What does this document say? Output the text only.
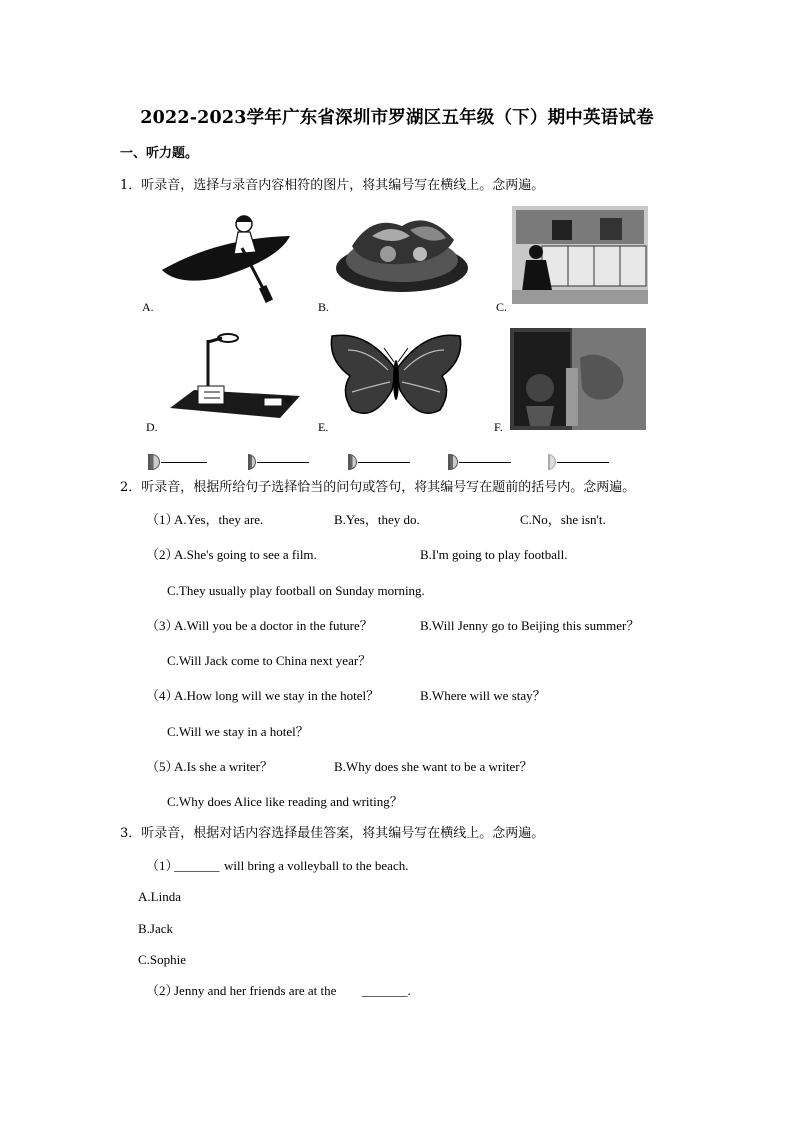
2022-2023学年广东省深圳市罗湖区五年级（下）期中英语试卷
一、听力题。
1．听录音，选择与录音内容相符的图片，将其编号写在横线上。念两遍。
A.	B.	C.
D.	E.	F.
2．听录音，根据所给句子选择恰当的问句或答句，将其编号写在题前的括号内。念两遍。
（1）
A.Yes，they are.	B.Yes，they do.	C.No，she isn't.
（2）
A.She's going to see a film.	B.I'm going to play football.
C.They usually play football on Sunday morning.
（3）
A.Will you be a doctor in the future？	B.Will Jenny go to Beijing this summer？
C.Will Jack come to China next year？
（4）
A.How long will we stay in the hotel？	B.Where will we stay？
C.Will we stay in a hotel？
（5）
A.Is she a writer？	B.Why does she want to be a writer？
C.Why does Alice like reading and writing？
3．听录音，根据对话内容选择最佳答案，将其编号写在横线上。念两遍。
（1）
_______ will bring a volleyball to the beach.
A.Linda
B.Jack
C.Sophie
（2）
Jenny and her friends are at the _______.
